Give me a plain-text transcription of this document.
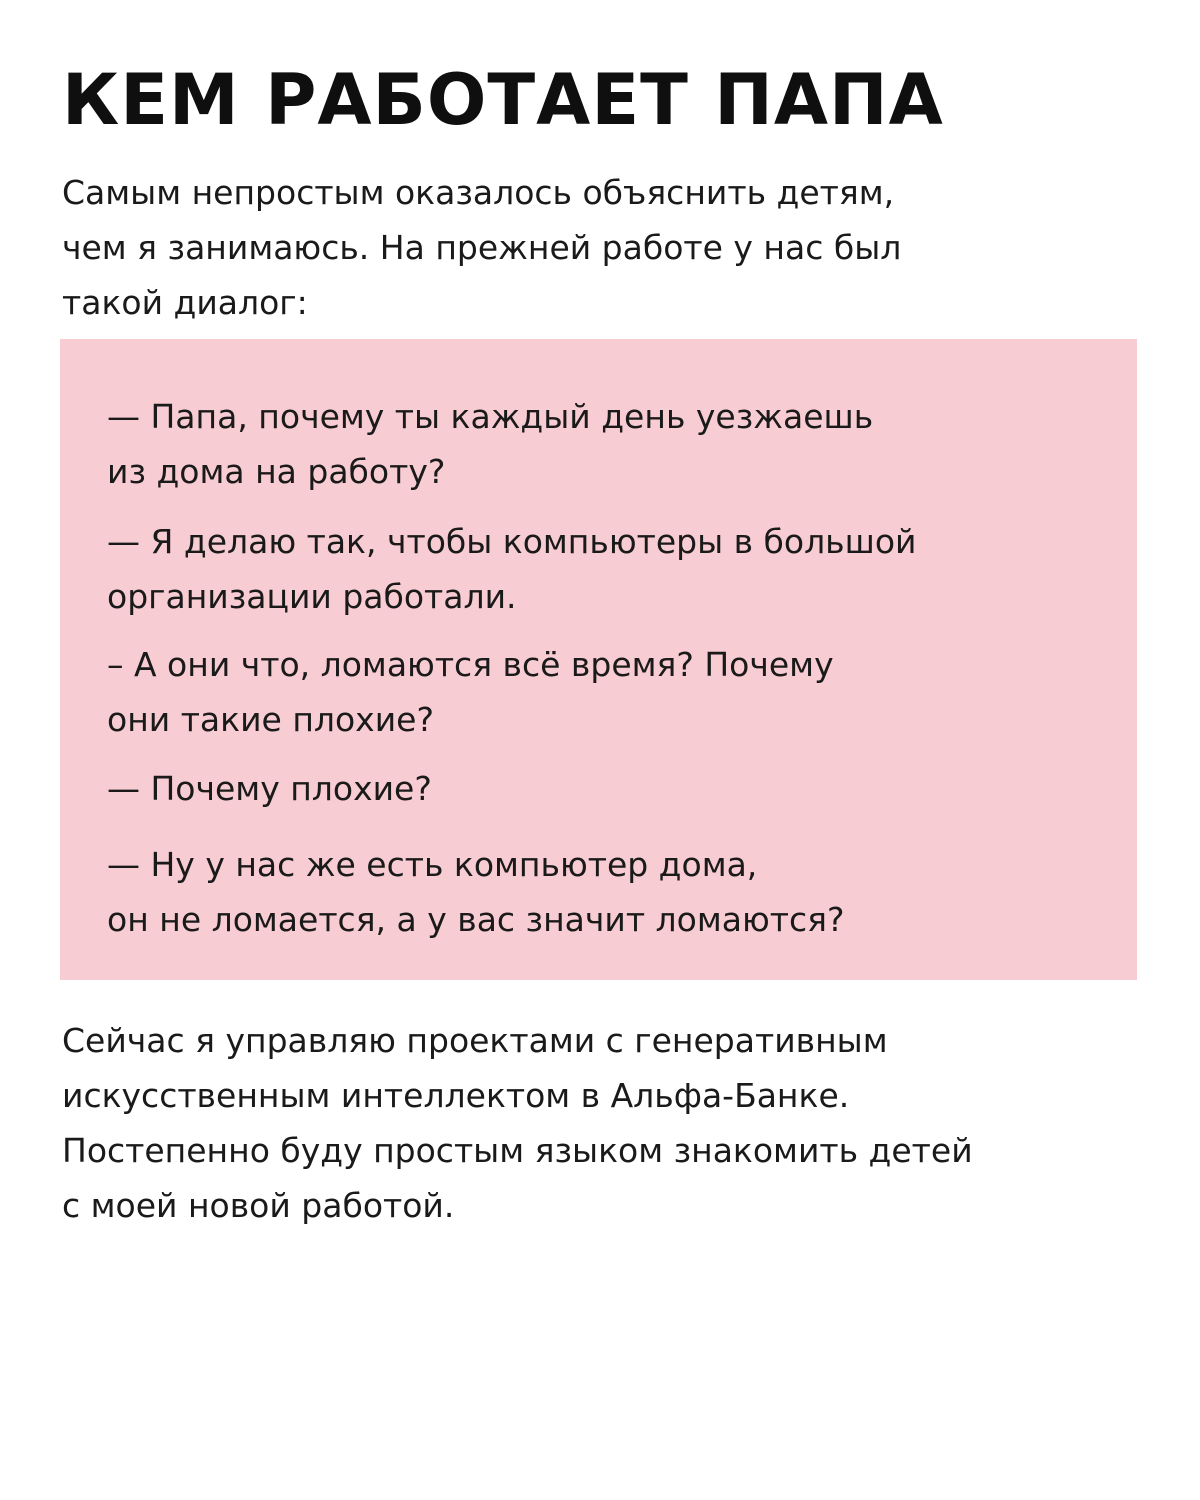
КЕМ РАБОТАЕТ ПАПА

Самым непростым оказалось объяснить детям,
чем я занимаюсь. На прежней работе у нас был
такой диалог:

— Папа, почему ты каждый день уезжаешь
из дома на работу?

— Я делаю так, чтобы компьютеры в большой
организации работали.

– А они что, ломаются всё время? Почему
они такие плохие?

— Почему плохие?

— Ну у нас же есть компьютер дома,
он не ломается, а у вас значит ломаются?

Сейчас я управляю проектами с генеративным
искусственным интеллектом в Альфа-Банке.
Постепенно буду простым языком знакомить детей
с моей новой работой.
